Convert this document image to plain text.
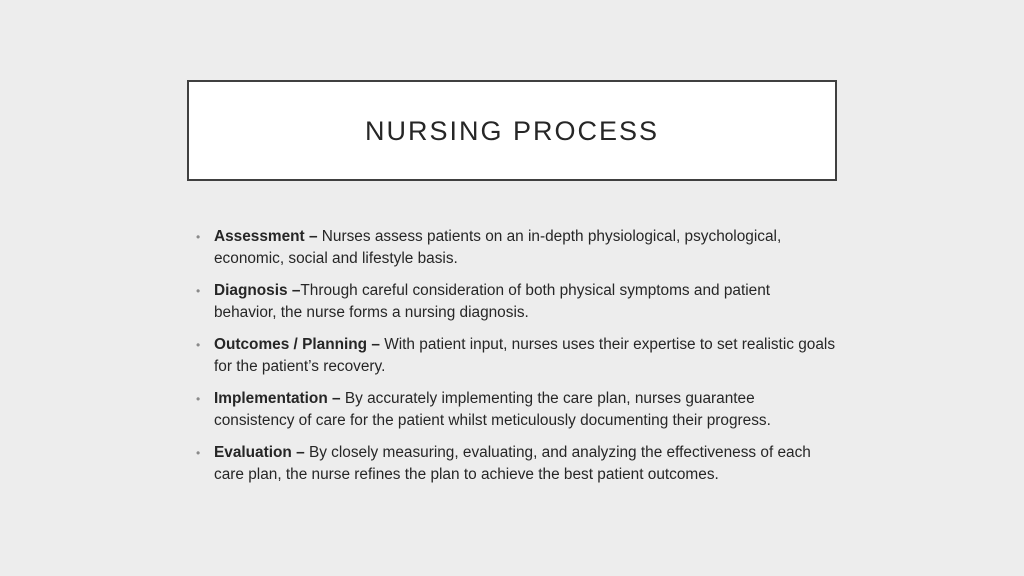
NURSING PROCESS
• Assessment – Nurses assess patients on an in-depth physiological, psychological, economic, social and lifestyle basis.
• Diagnosis –Through careful consideration of both physical symptoms and patient behavior, the nurse forms a nursing diagnosis.
• Outcomes / Planning – With patient input, nurses uses their expertise to set realistic goals for the patient’s recovery.
• Implementation – By accurately implementing the care plan, nurses guarantee consistency of care for the patient whilst meticulously documenting their progress.
• Evaluation – By closely measuring, evaluating, and analyzing the effectiveness of each care plan, the nurse refines the plan to achieve the best patient outcomes.
